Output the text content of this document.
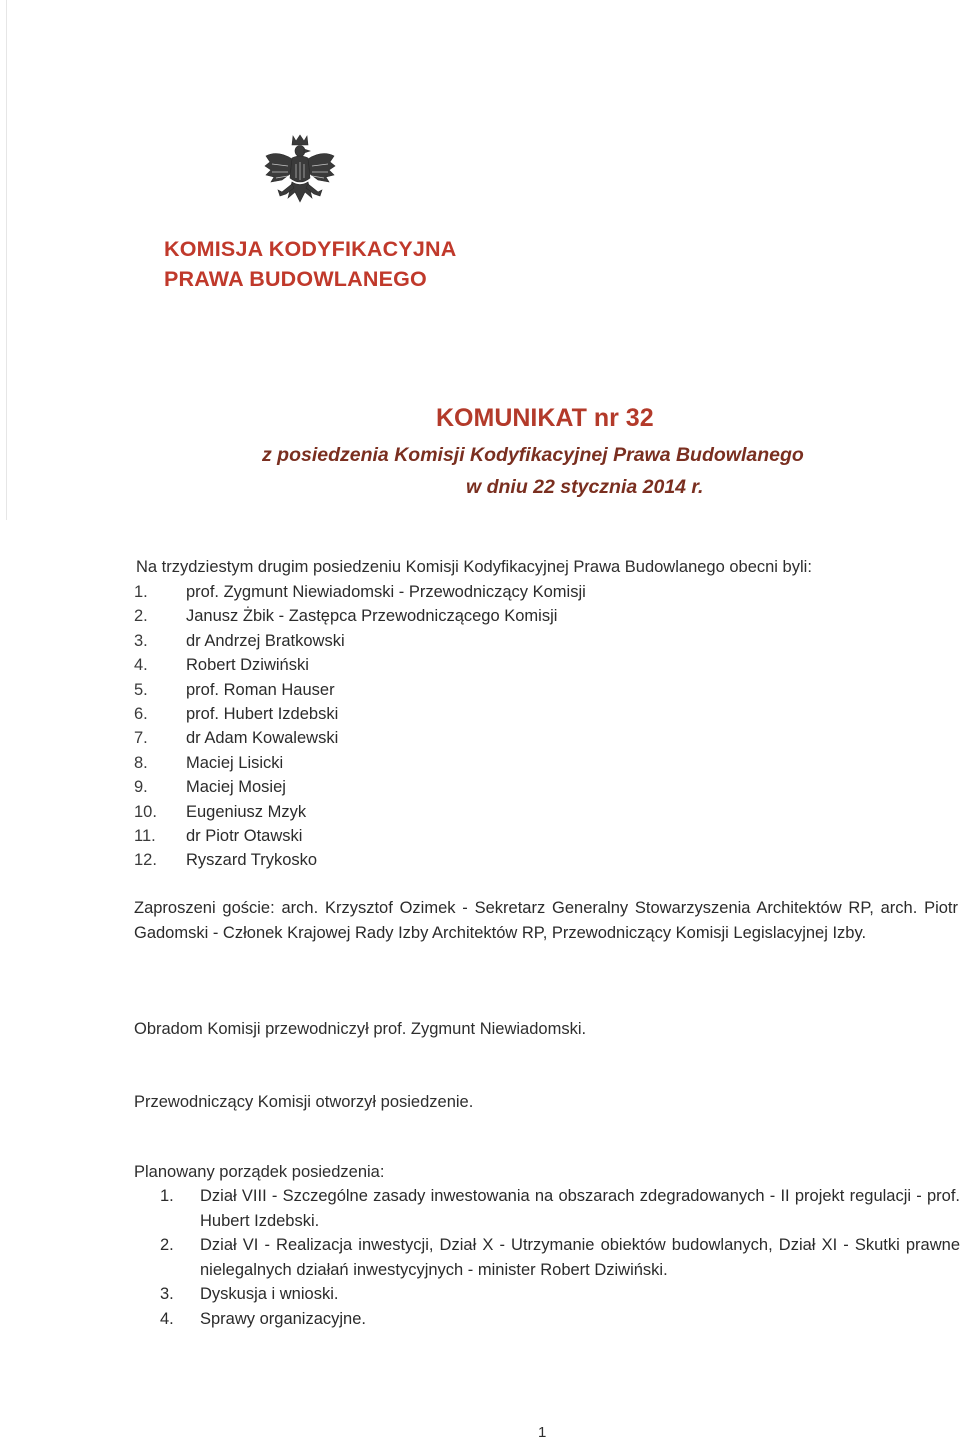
KOMISJA KODYFIKACYJNA
PRAWA BUDOWLANEGO
KOMUNIKAT nr 32
z posiedzenia Komisji Kodyfikacyjnej Prawa Budowlanego
w dniu 22 stycznia 2014 r.
Na trzydziestym drugim posiedzeniu Komisji Kodyfikacyjnej Prawa Budowlanego obecni byli:
1. prof. Zygmunt Niewiadomski - Przewodniczący Komisji
2. Janusz Żbik - Zastępca Przewodniczącego Komisji
3. dr Andrzej Bratkowski
4. Robert Dziwiński
5. prof. Roman Hauser
6. prof. Hubert Izdebski
7. dr Adam Kowalewski
8. Maciej Lisicki
9. Maciej Mosiej
10. Eugeniusz Mzyk
11. dr Piotr Otawski
12. Ryszard Trykosko
Zaproszeni goście: arch. Krzysztof Ozimek - Sekretarz Generalny Stowarzyszenia Architektów RP, arch. Piotr Gadomski - Członek Krajowej Rady Izby Architektów RP, Przewodniczący Komisji Legislacyjnej Izby.
Obradom Komisji przewodniczył prof. Zygmunt Niewiadomski.
Przewodniczący Komisji otworzył posiedzenie.
Planowany porządek posiedzenia:
1. Dział VIII - Szczególne zasady inwestowania na obszarach zdegradowanych - II projekt regulacji - prof. Hubert Izdebski.
2. Dział VI - Realizacja inwestycji, Dział X - Utrzymanie obiektów budowlanych, Dział XI - Skutki prawne nielegalnych działań inwestycyjnych - minister Robert Dziwiński.
3. Dyskusja i wnioski.
4. Sprawy organizacyjne.
1
